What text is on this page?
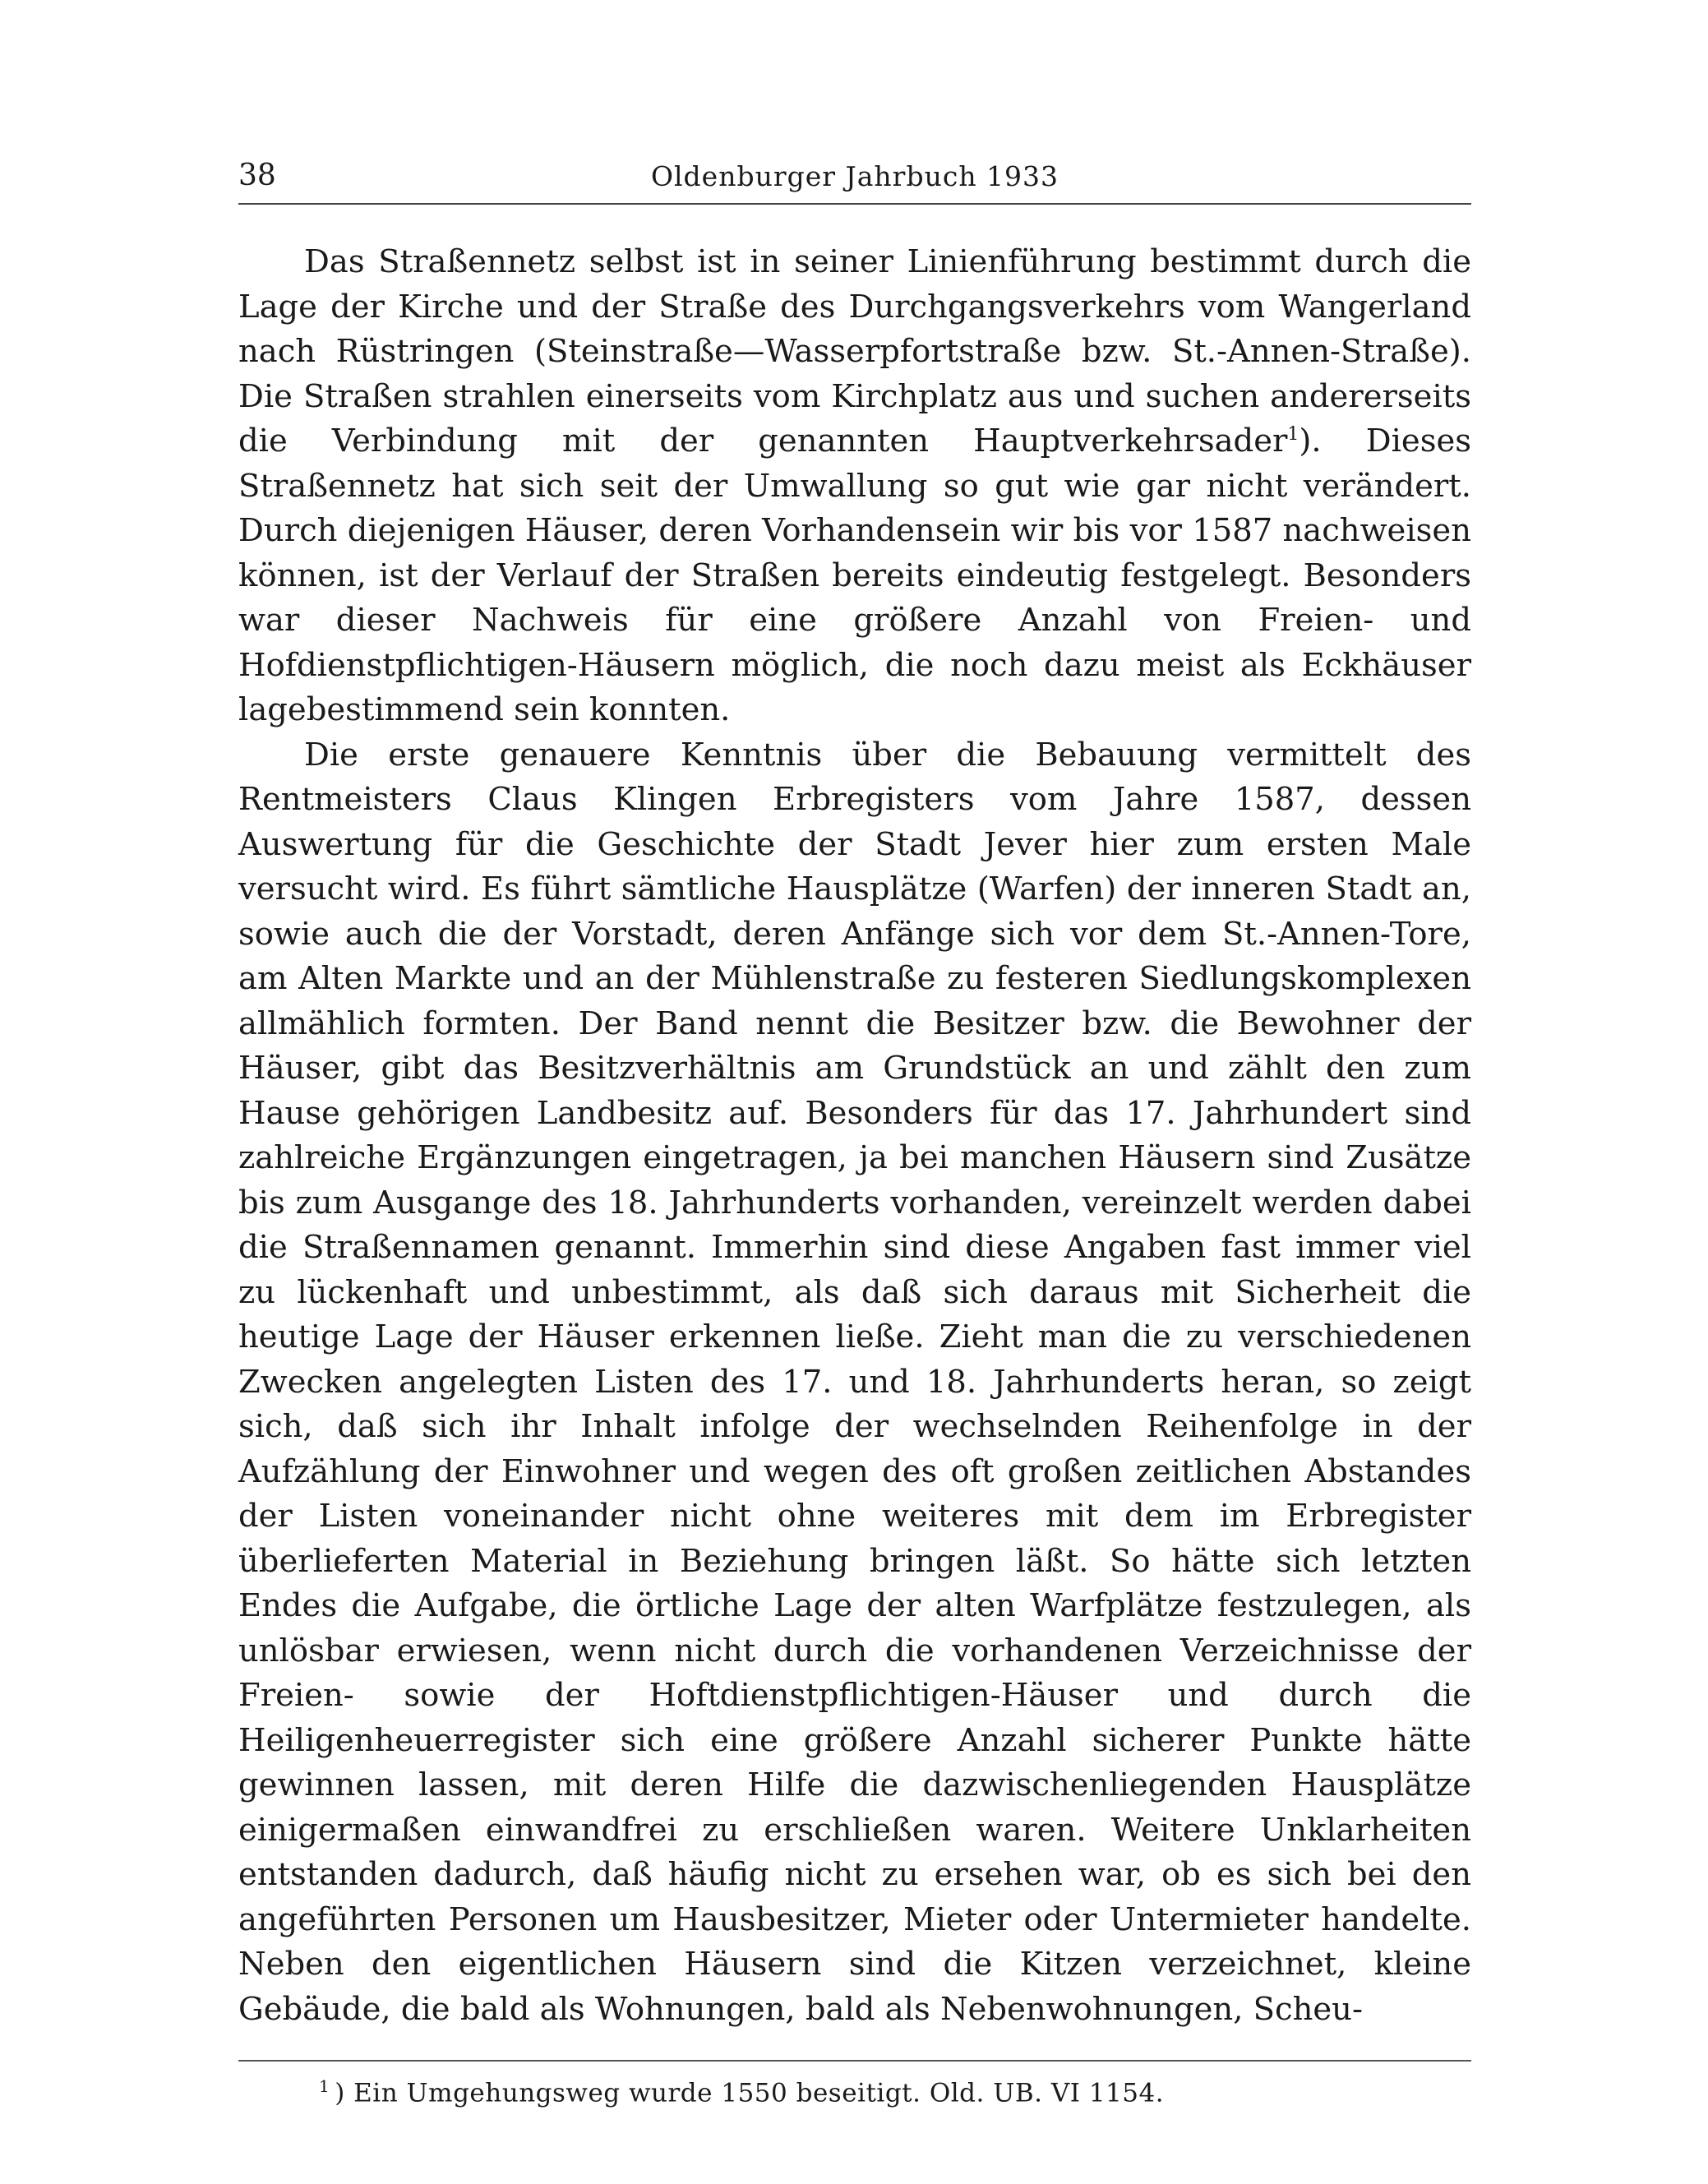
38	Oldenburger Jahrbuch 1933

Das Straßennetz selbst ist in seiner Linienführung bestimmt durch die Lage der Kirche und der Straße des Durchgangsverkehrs vom Wangerland nach Rüstringen (Steinstraße—Wasserpfortstraße bzw. St.-Annen-Straße). Die Straßen strahlen einerseits vom Kirchplatz aus und suchen andererseits die Verbindung mit der genannten Hauptverkehrsader$^1$). Dieses Straßennetz hat sich seit der Umwallung so gut wie gar nicht verändert. Durch diejenigen Häuser, deren Vorhandensein wir bis vor 1587 nachweisen können, ist der Verlauf der Straßen bereits eindeutig festgelegt. Besonders war dieser Nachweis für eine größere Anzahl von Freien- und Hofdienstpflichtigen-Häusern möglich, die noch dazu meist als Eckhäuser lagebestimmend sein konnten.

Die erste genauere Kenntnis über die Bebauung vermittelt des Rentmeisters Claus Klingen Erbregisters vom Jahre 1587, dessen Auswertung für die Geschichte der Stadt Jever hier zum ersten Male versucht wird. Es führt sämtliche Hausplätze (Warfen) der inneren Stadt an, sowie auch die der Vorstadt, deren Anfänge sich vor dem St.-Annen-Tore, am Alten Markte und an der Mühlenstraße zu festeren Siedlungskomplexen allmählich formten. Der Band nennt die Besitzer bzw. die Bewohner der Häuser, gibt das Besitzverhältnis am Grundstück an und zählt den zum Hause gehörigen Landbesitz auf. Besonders für das 17. Jahrhundert sind zahlreiche Ergänzungen eingetragen, ja bei manchen Häusern sind Zusätze bis zum Ausgange des 18. Jahrhunderts vorhanden, vereinzelt werden dabei die Straßennamen genannt. Immerhin sind diese Angaben fast immer viel zu lückenhaft und unbestimmt, als daß sich daraus mit Sicherheit die heutige Lage der Häuser erkennen ließe. Zieht man die zu verschiedenen Zwecken angelegten Listen des 17. und 18. Jahrhunderts heran, so zeigt sich, daß sich ihr Inhalt infolge der wechselnden Reihenfolge in der Aufzählung der Einwohner und wegen des oft großen zeitlichen Abstandes der Listen voneinander nicht ohne weiteres mit dem im Erbregister überlieferten Material in Beziehung bringen läßt. So hätte sich letzten Endes die Aufgabe, die örtliche Lage der alten Warfplätze festzulegen, als unlösbar erwiesen, wenn nicht durch die vorhandenen Verzeichnisse der Freien- sowie der Hoftdienstpflichtigen-Häuser und durch die Heiligenheuerregister sich eine größere Anzahl sicherer Punkte hätte gewinnen lassen, mit deren Hilfe die dazwischenliegenden Hausplätze einigermaßen einwandfrei zu erschließen waren. Weitere Unklarheiten entstanden dadurch, daß häufig nicht zu ersehen war, ob es sich bei den angeführten Personen um Hausbesitzer, Mieter oder Untermieter handelte. Neben den eigentlichen Häusern sind die Kitzen verzeichnet, kleine Gebäude, die bald als Wohnungen, bald als Nebenwohnungen, Scheu-

$^1$ ) Ein Umgehungsweg wurde 1550 beseitigt. Old. UB. VI 1154.
